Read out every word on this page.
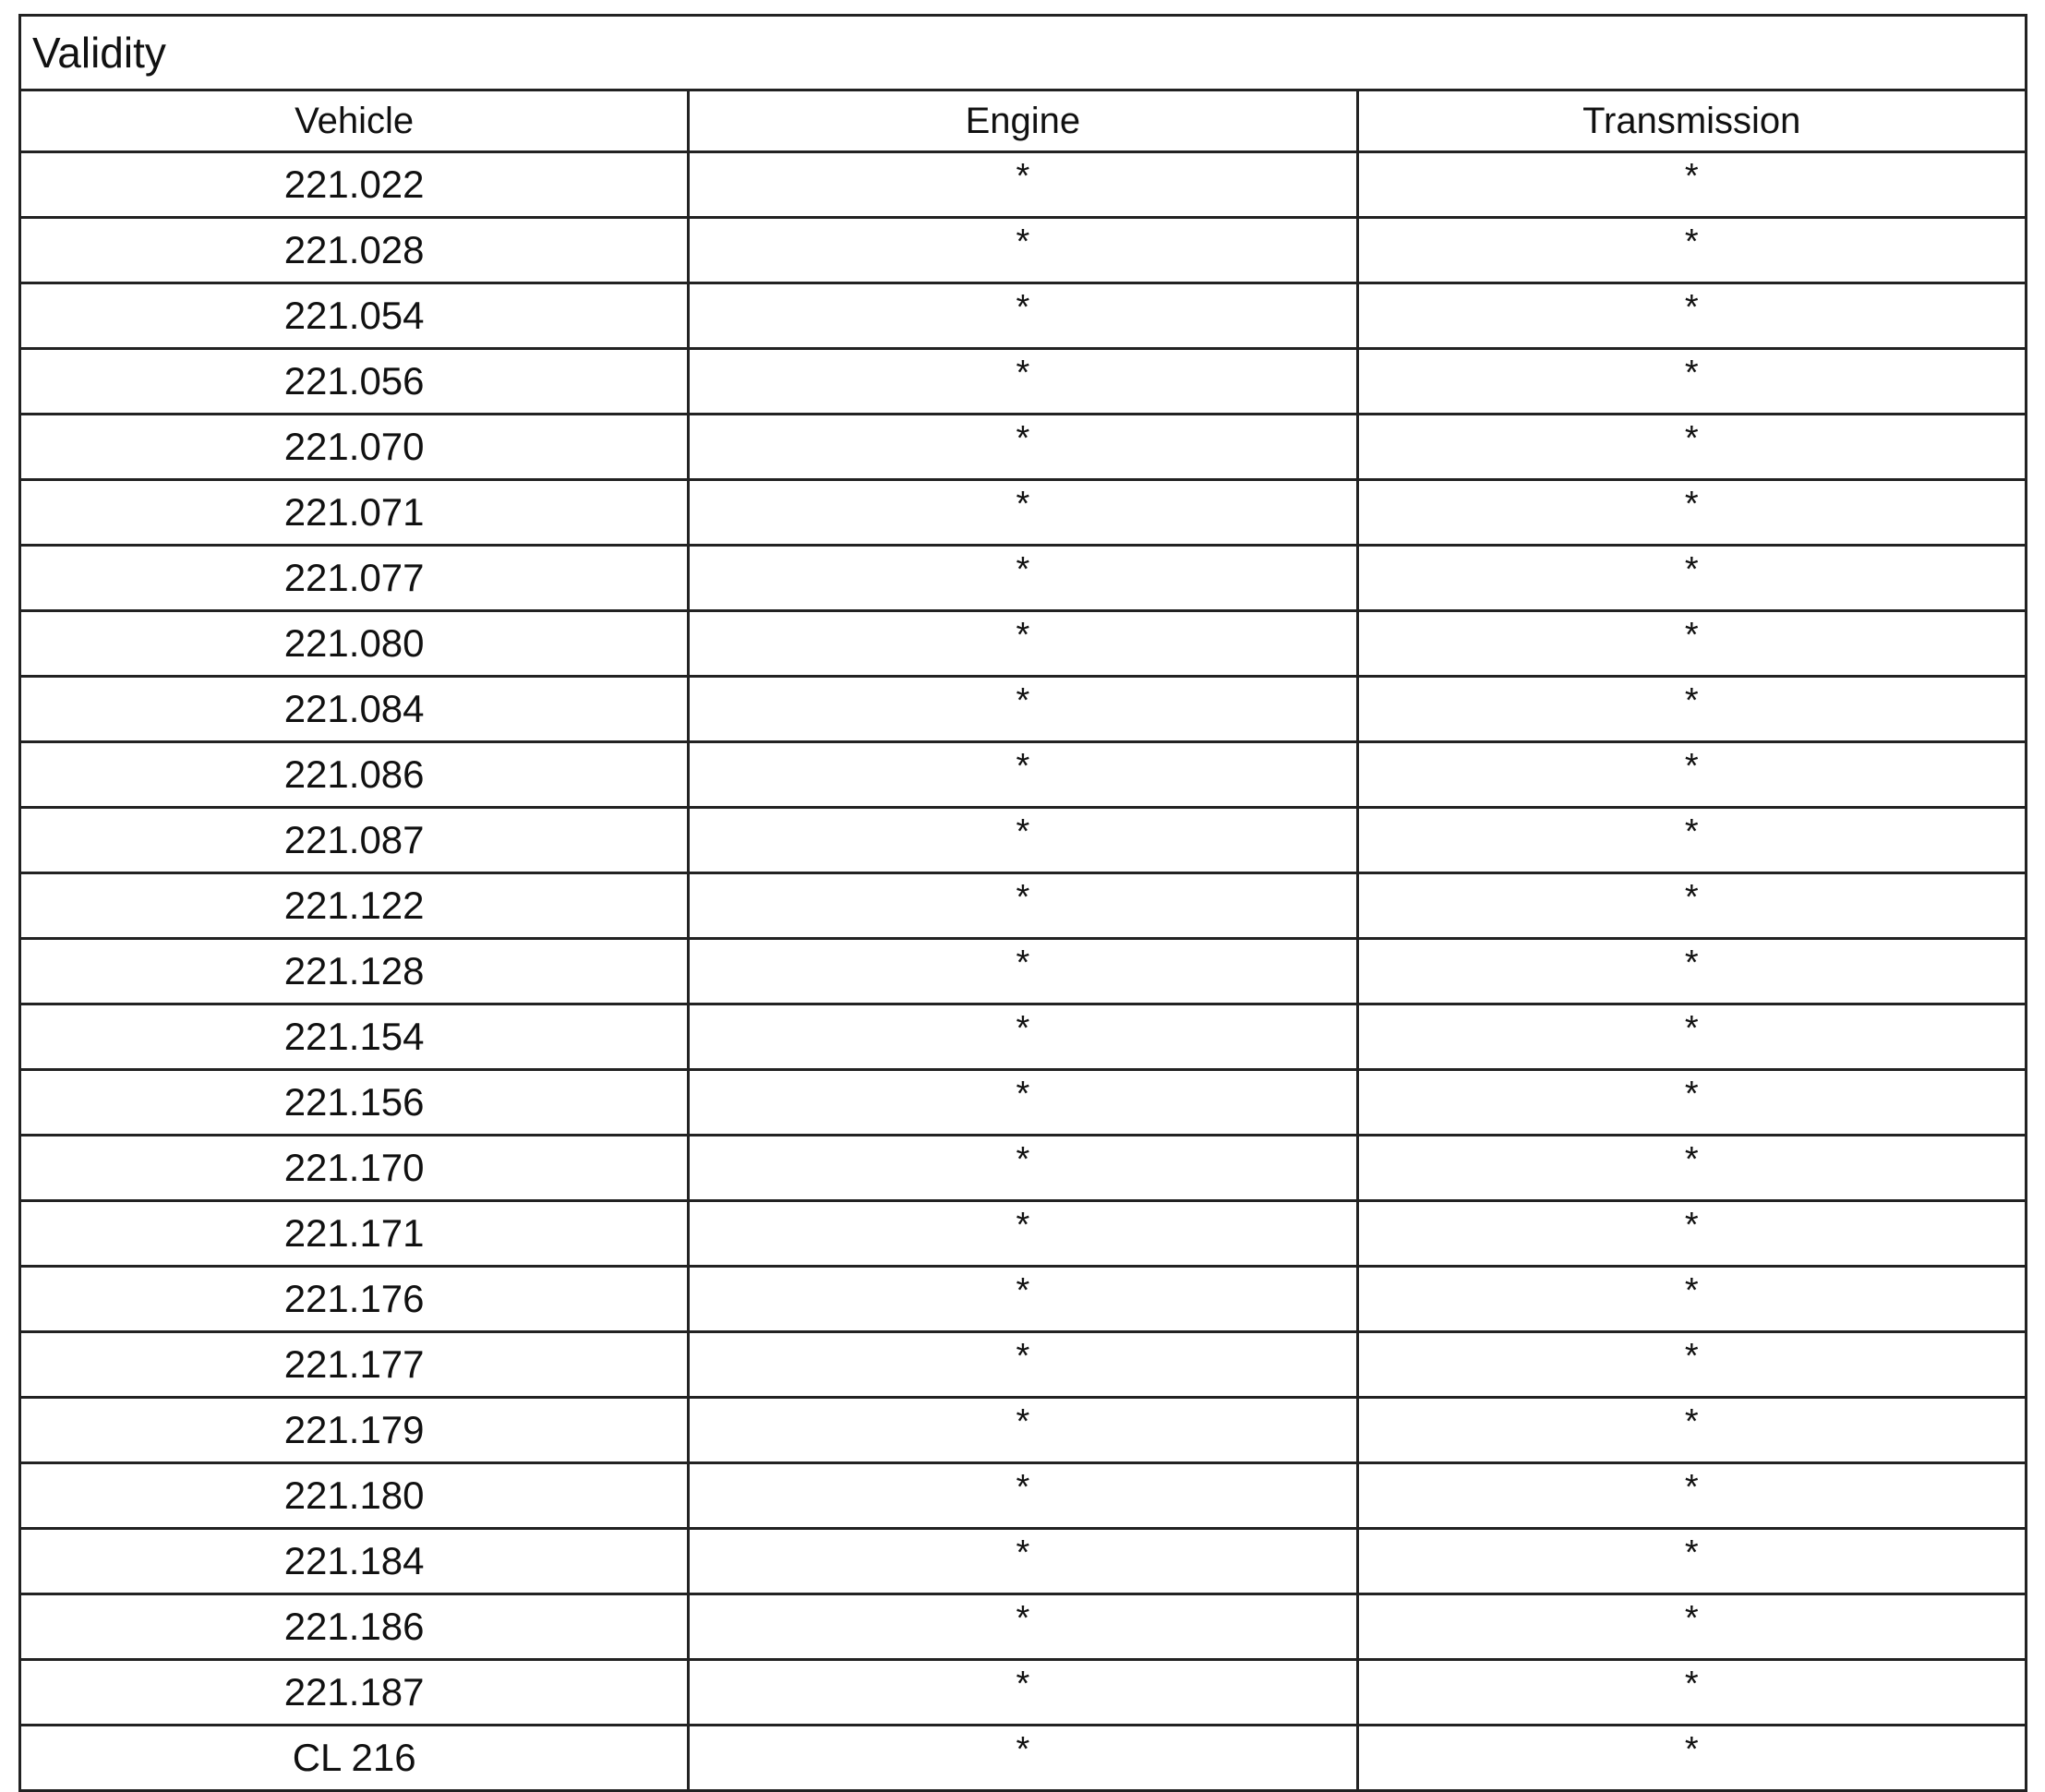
Validity		
Vehicle	Engine	Transmission
221.022	*	*
221.028	*	*
221.054	*	*
221.056	*	*
221.070	*	*
221.071	*	*
221.077	*	*
221.080	*	*
221.084	*	*
221.086	*	*
221.087	*	*
221.122	*	*
221.128	*	*
221.154	*	*
221.156	*	*
221.170	*	*
221.171	*	*
221.176	*	*
221.177	*	*
221.179	*	*
221.180	*	*
221.184	*	*
221.186	*	*
221.187	*	*
CL 216	*	*
